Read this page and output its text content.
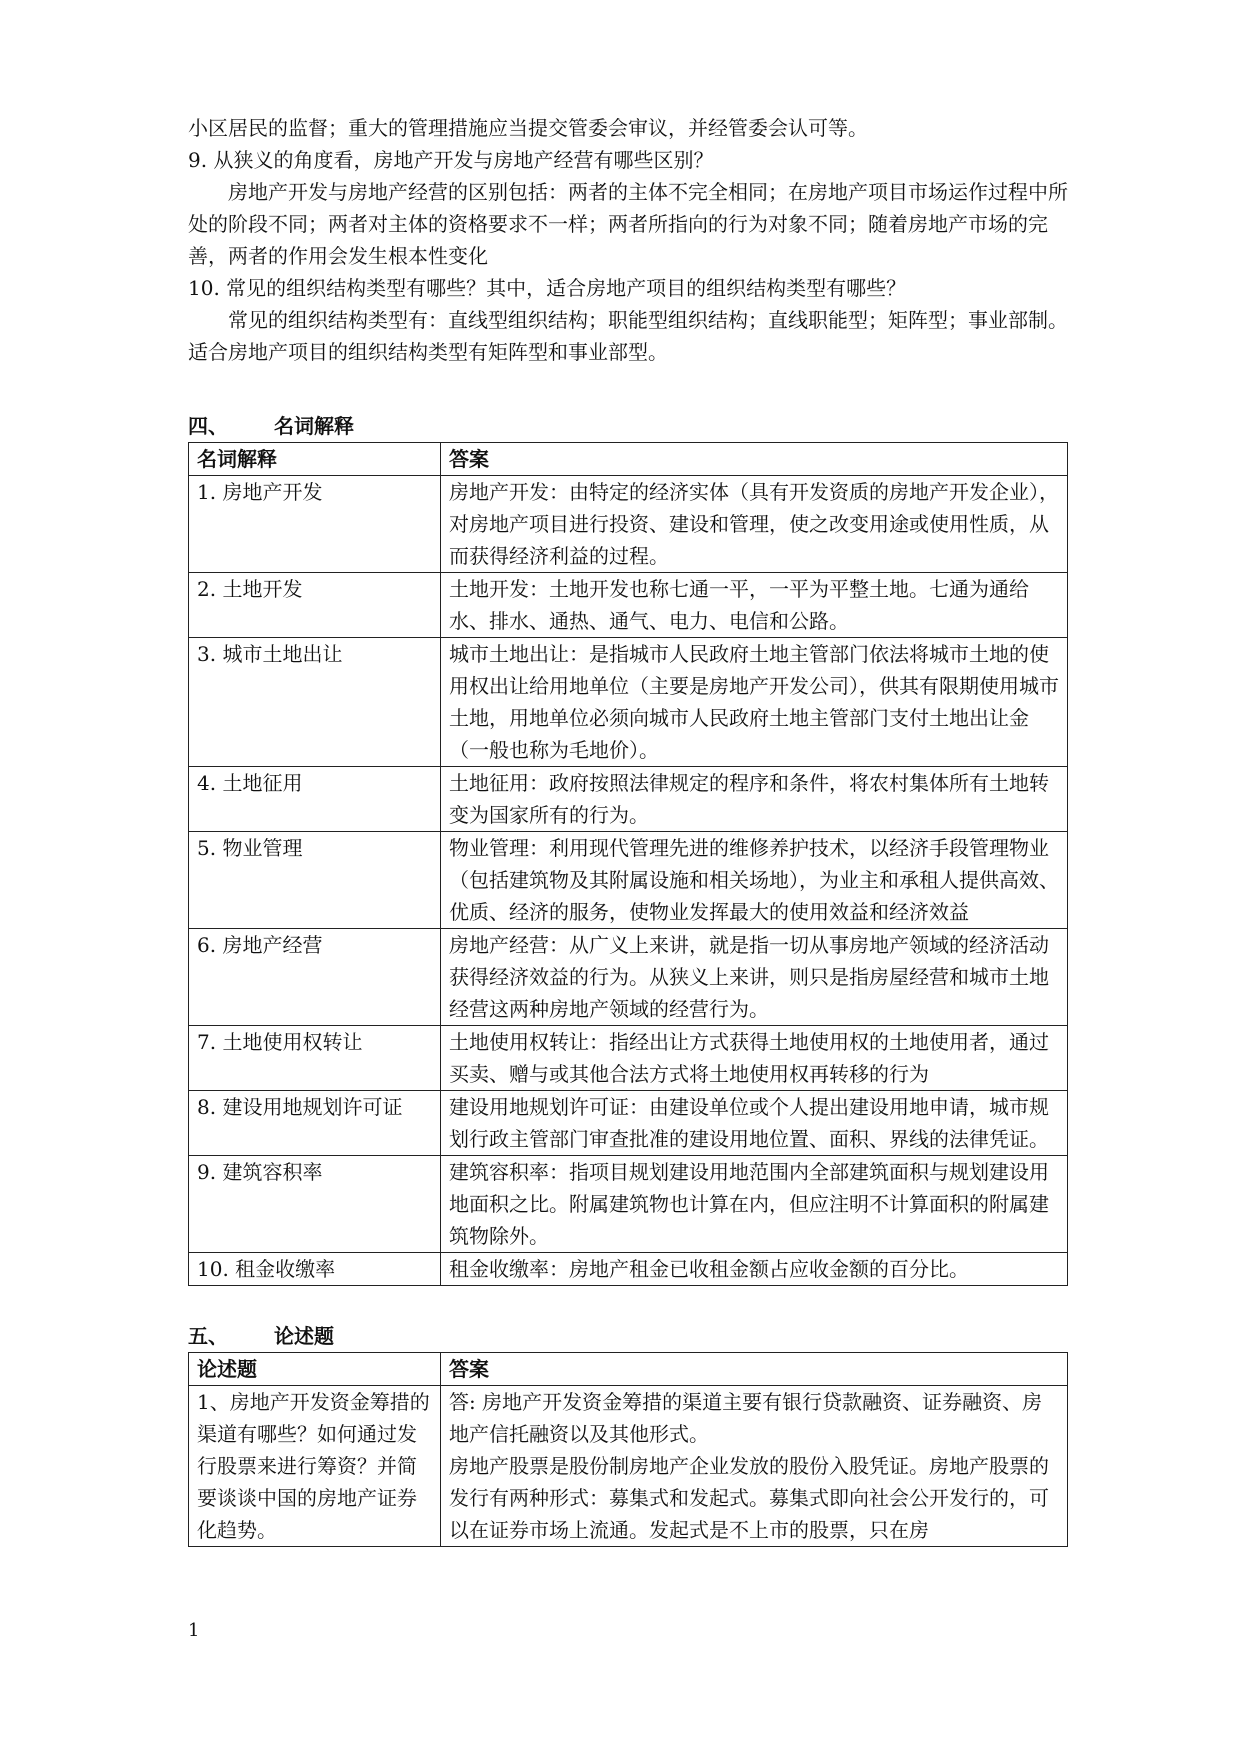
小区居民的监督；重大的管理措施应当提交管委会审议，并经管委会认可等。

9. 从狭义的角度看，房地产开发与房地产经营有哪些区别？

房地产开发与房地产经营的区别包括：两者的主体不完全相同；在房地产项目市场运作过程中所处的阶段不同；两者对主体的资格要求不一样；两者所指向的行为对象不同；随着房地产市场的完善，两者的作用会发生根本性变化

10. 常见的组织结构类型有哪些？其中，适合房地产项目的组织结构类型有哪些？

常见的组织结构类型有：直线型组织结构；职能型组织结构；直线职能型；矩阵型；事业部制。适合房地产项目的组织结构类型有矩阵型和事业部型。

四、 名词解释
名词解释	答案
1. 房地产开发	房地产开发：由特定的经济实体（具有开发资质的房地产开发企业），对房地产项目进行投资、建设和管理，使之改变用途或使用性质，从而获得经济利益的过程。
2. 土地开发	土地开发：土地开发也称七通一平，一平为平整土地。七通为通给水、排水、通热、通气、电力、电信和公路。
3. 城市土地出让	城市土地出让：是指城市人民政府土地主管部门依法将城市土地的使用权出让给用地单位（主要是房地产开发公司），供其有限期使用城市土地，用地单位必须向城市人民政府土地主管部门支付土地出让金（一般也称为毛地价）。
4. 土地征用	土地征用：政府按照法律规定的程序和条件，将农村集体所有土地转变为国家所有的行为。
5. 物业管理	物业管理：利用现代管理先进的维修养护技术，以经济手段管理物业（包括建筑物及其附属设施和相关场地），为业主和承租人提供高效、优质、经济的服务，使物业发挥最大的使用效益和经济效益
6. 房地产经营	房地产经营：从广义上来讲，就是指一切从事房地产领域的经济活动获得经济效益的行为。从狭义上来讲，则只是指房屋经营和城市土地经营这两种房地产领域的经营行为。
7. 土地使用权转让	土地使用权转让：指经出让方式获得土地使用权的土地使用者，通过买卖、赠与或其他合法方式将土地使用权再转移的行为
8. 建设用地规划许可证	建设用地规划许可证：由建设单位或个人提出建设用地申请，城市规划行政主管部门审查批准的建设用地位置、面积、界线的法律凭证。
9. 建筑容积率	建筑容积率：指项目规划建设用地范围内全部建筑面积与规划建设用地面积之比。附属建筑物也计算在内，但应注明不计算面积的附属建筑物除外。
10. 租金收缴率	租金收缴率：房地产租金已收租金额占应收金额的百分比。
五、 论述题
论述题	答案
1、房地产开发资金筹措的渠道有哪些？如何通过发行股票来进行筹资？并简要谈谈中国的房地产证券化趋势。	答: 房地产开发资金筹措的渠道主要有银行贷款融资、证券融资、房地产信托融资以及其他形式。
房地产股票是股份制房地产企业发放的股份入股凭证。房地产股票的发行有两种形式：募集式和发起式。募集式即向社会公开发行的，可以在证券市场上流通。发起式是不上市的股票，只在房
1
